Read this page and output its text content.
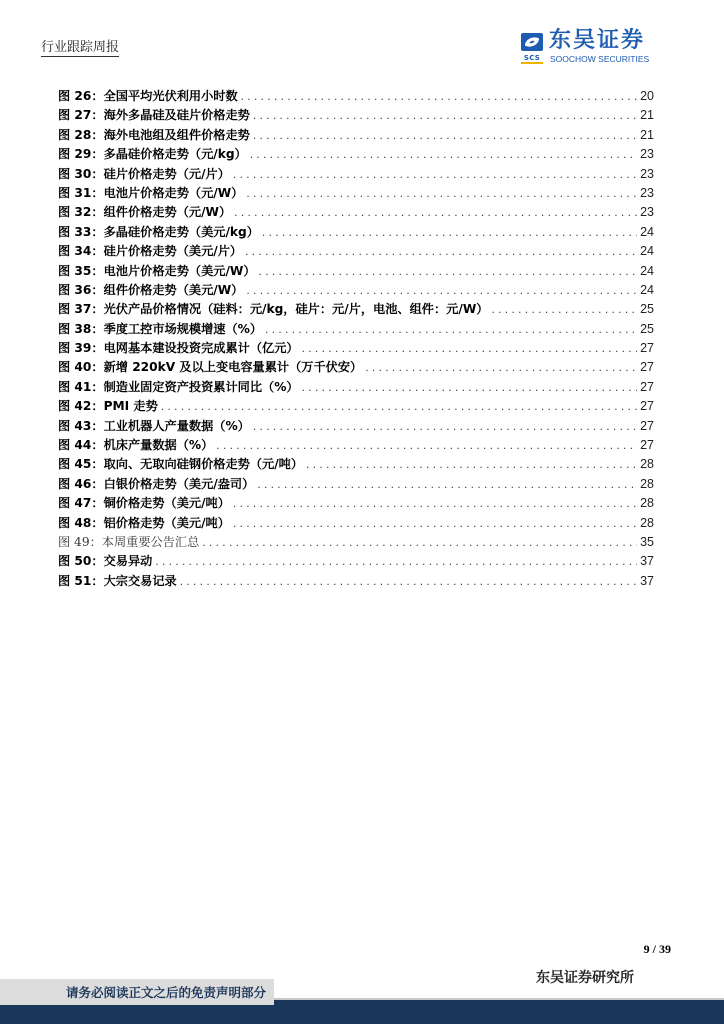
行业跟踪周报
SCS
东吴证券
SOOCHOW SECURITIES
图 26：全国平均光伏利用小时数 . . .	20
图 27：海外多晶硅及硅片价格走势 . . .	21
图 28：海外电池组及组件价格走势 . . .	21
图 29：多晶硅价格走势（元/kg） . . .	23
图 30：硅片价格走势（元/片） . . .	23
图 31：电池片价格走势（元/W） . . .	23
图 32：组件价格走势（元/W） . . .	23
图 33：多晶硅价格走势（美元/kg） . . .	24
图 34：硅片价格走势（美元/片） . . .	24
图 35：电池片价格走势（美元/W） . . .	24
图 36：组件价格走势（美元/W） . . .	24
图 37：光伏产品价格情况（硅料：元/kg，硅片：元/片，电池、组件：元/W） . . .	25
图 38：季度工控市场规模增速（%） . . .	25
图 39：电网基本建设投资完成累计（亿元） . . .	27
图 40：新增 220kV 及以上变电容量累计（万千伏安） . . .	27
图 41：制造业固定资产投资累计同比（%） . . .	27
图 42：PMI 走势 . . .	27
图 43：工业机器人产量数据（%） . . .	27
图 44：机床产量数据（%） . . .	27
图 45：取向、无取向硅钢价格走势（元/吨） . . .	28
图 46：白银价格走势（美元/盎司） . . .	28
图 47：铜价格走势（美元/吨） . . .	28
图 48：铝价格走势（美元/吨） . . .	28
图 49：本周重要公告汇总 . . .	35
图 50：交易异动 . . .	37
图 51：大宗交易记录 . . .	37
9 / 39
东吴证券研究所
请务必阅读正文之后的免责声明部分
